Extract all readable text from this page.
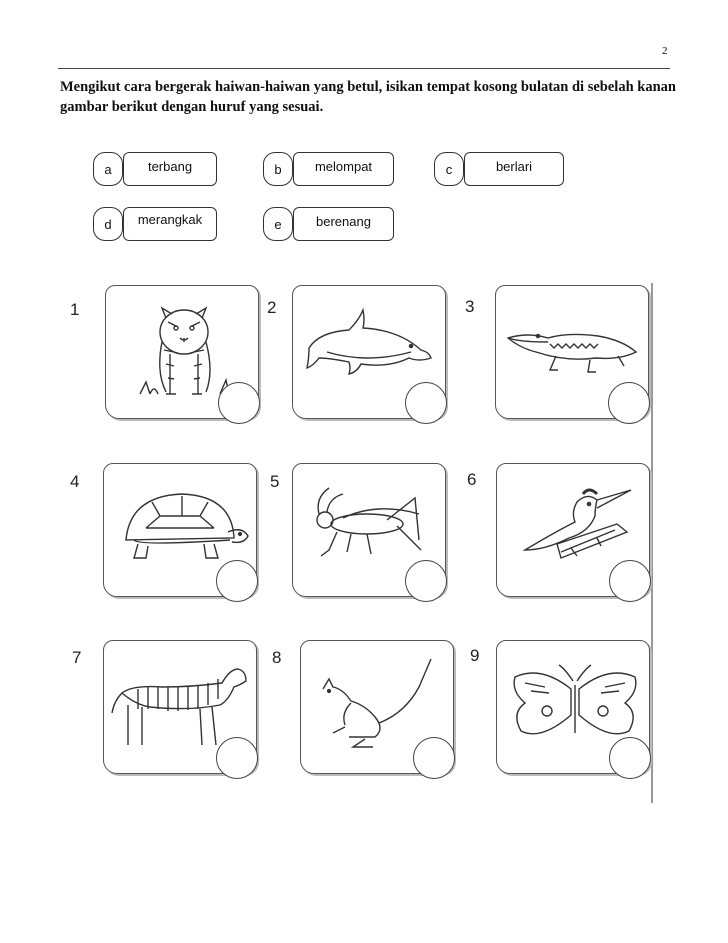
2
Mengikut cara bergerak haiwan-haiwan yang betul, isikan tempat kosong bulatan di sebelah kanan gambar berikut dengan huruf yang sesuai.
a	terbang	b	melompat	c	berlari
d	merangkak	e	berenang
1	2	3
4	5	6
7	8	9
